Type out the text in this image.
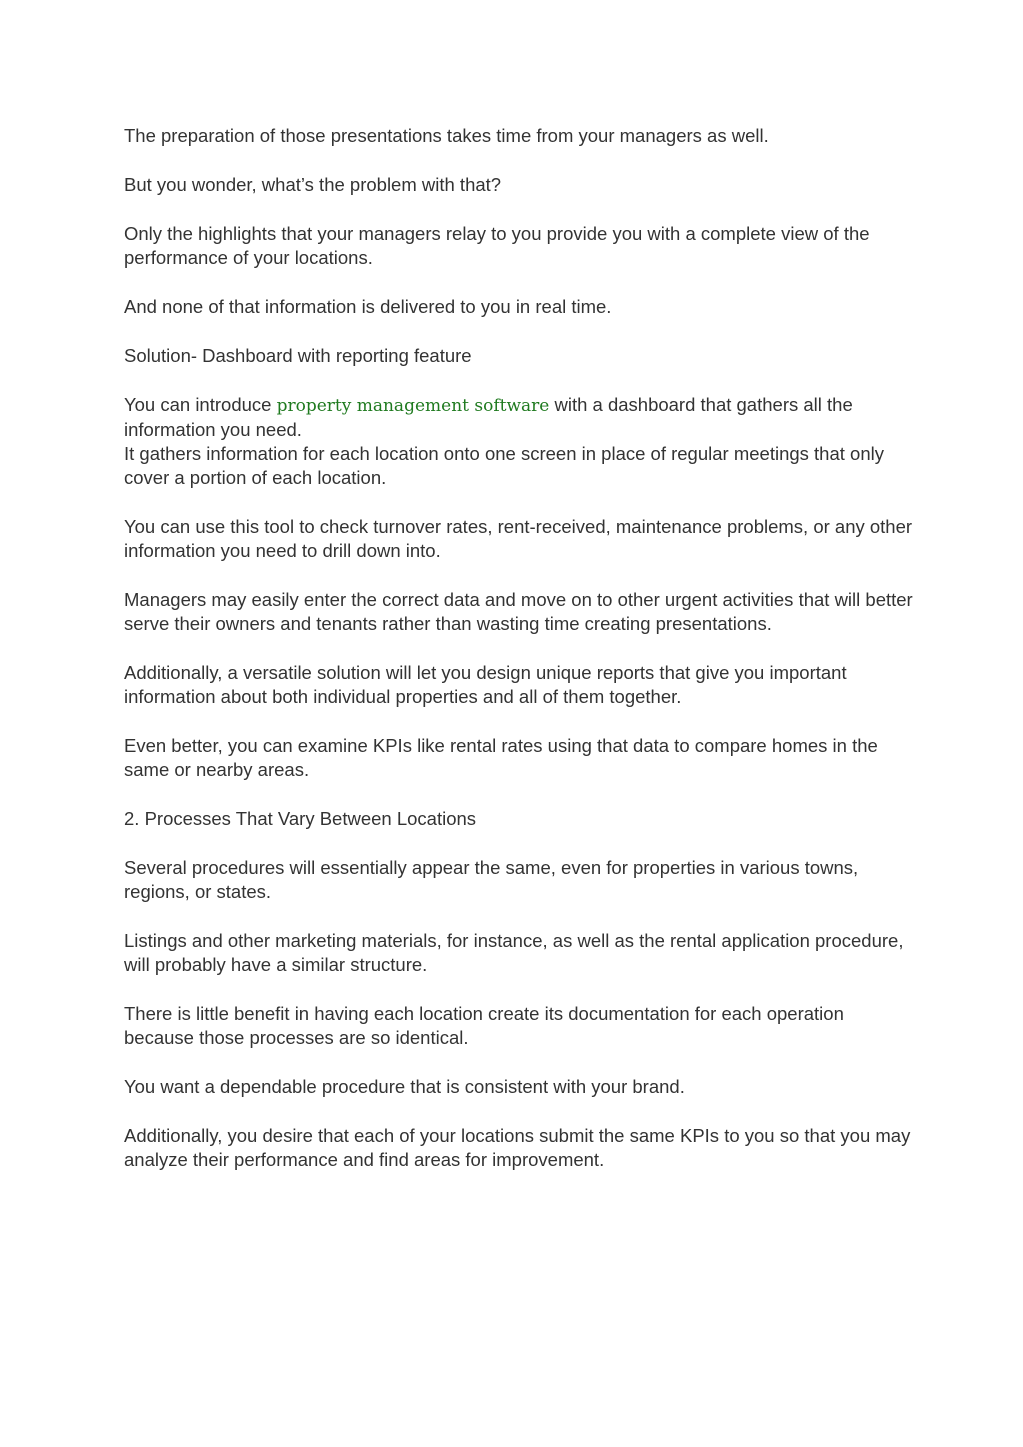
The preparation of those presentations takes time from your managers as well.

But you wonder, what’s the problem with that?

Only the highlights that your managers relay to you provide you with a complete view of the performance of your locations.

And none of that information is delivered to you in real time.

Solution- Dashboard with reporting feature

You can introduce property management software with a dashboard that gathers all the information you need.
It gathers information for each location onto one screen in place of regular meetings that only cover a portion of each location.

You can use this tool to check turnover rates, rent-received, maintenance problems, or any other information you need to drill down into.

Managers may easily enter the correct data and move on to other urgent activities that will better serve their owners and tenants rather than wasting time creating presentations.

Additionally, a versatile solution will let you design unique reports that give you important information about both individual properties and all of them together.

Even better, you can examine KPIs like rental rates using that data to compare homes in the same or nearby areas.

2. Processes That Vary Between Locations

Several procedures will essentially appear the same, even for properties in various towns, regions, or states.

Listings and other marketing materials, for instance, as well as the rental application procedure, will probably have a similar structure.

There is little benefit in having each location create its documentation for each operation because those processes are so identical.

You want a dependable procedure that is consistent with your brand.

Additionally, you desire that each of your locations submit the same KPIs to you so that you may analyze their performance and find areas for improvement.
